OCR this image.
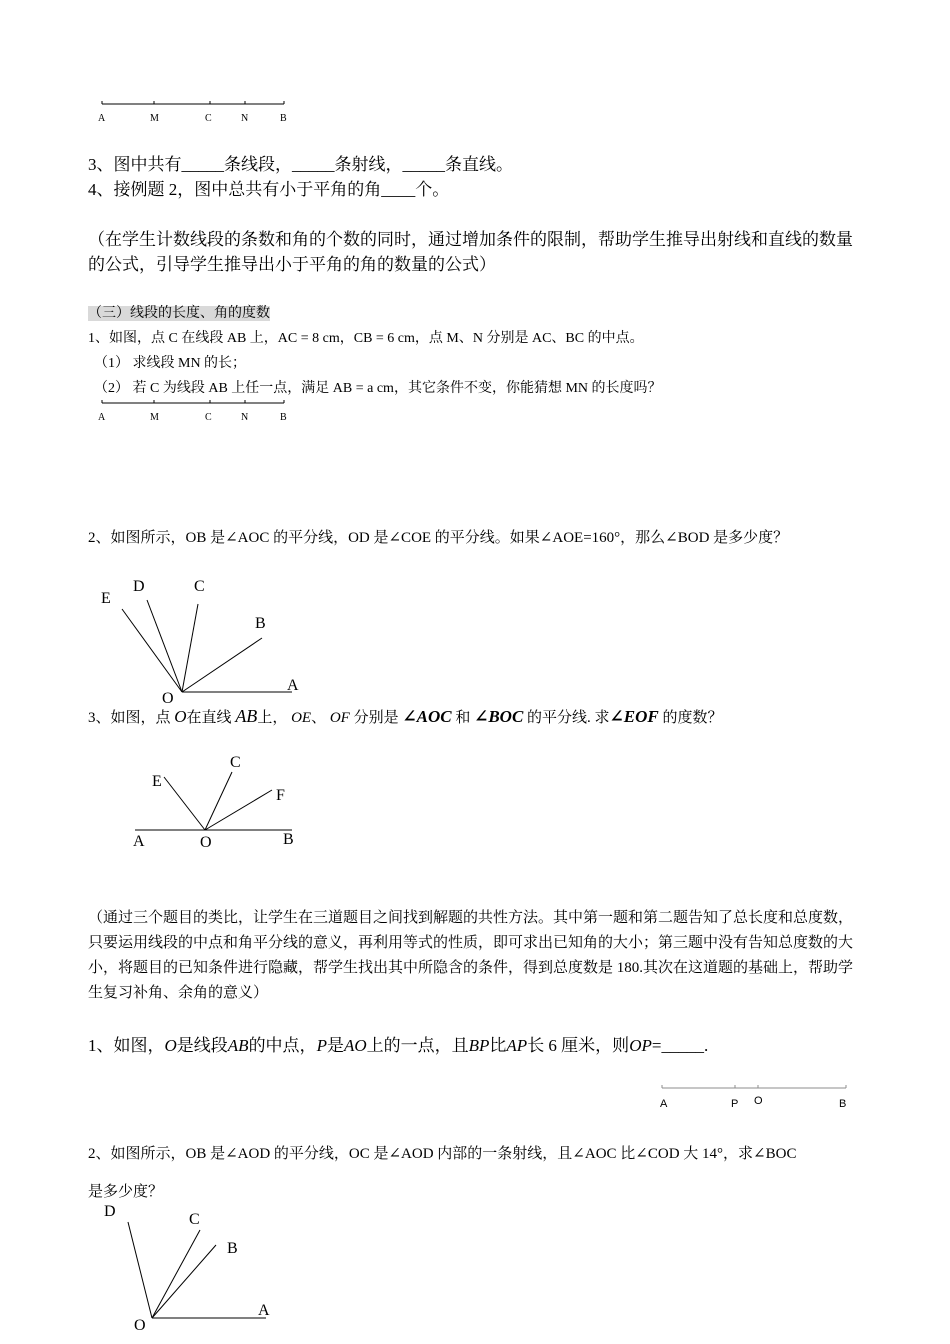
A	M	C	N	B
A	M	C	N	B
E
D	C
B
O
A
C
E
F
A	O	B
A	P O	B
D	C
B
O
A
3、图中共有_____条线段，_____条射线，_____条直线。
4、接例题 2，图中总共有小于平角的角____个。
（在学生计数线段的条数和角的个数的同时，通过增加条件的限制，帮助学生推导出射线和直线的数量的公式，引导学生推导出小于平角的角的数量的公式）
（三）线段的长度、角的度数
1、如图，点 C 在线段 AB 上，AC = 8 cm，CB = 6 cm，点 M、N 分别是 AC、BC 的中点。
（1） 求线段 MN 的长；
（2） 若 C 为线段 AB 上任一点，满足 AB = a cm，其它条件不变，你能猜想 MN 的长度吗？
2、如图所示，OB 是∠AOC 的平分线，OD 是∠COE 的平分线。如果∠AOE=160°，那么∠BOD 是多少度？
3、如图，点 O在直线 AB上， OE、 OF 分别是 ∠AOC 和 ∠BOC 的平分线. 求∠EOF 的度数？
（通过三个题目的类比，让学生在三道题目之间找到解题的共性方法。其中第一题和第二题告知了总长度和总度数，只要运用线段的中点和角平分线的意义，再利用等式的性质，即可求出已知角的大小；第三题中没有告知总度数的大小，将题目的已知条件进行隐藏，帮学生找出其中所隐含的条件，得到总度数是 180.其次在这道题的基础上，帮助学生复习补角、余角的意义）
1、如图，O是线段AB的中点，P是AO上的一点，且BP比AP长 6 厘米，则OP=_____.
2、如图所示，OB 是∠AOD 的平分线，OC 是∠AOD 内部的一条射线，且∠AOC 比∠COD 大 14°，求∠BOC
是多少度？
